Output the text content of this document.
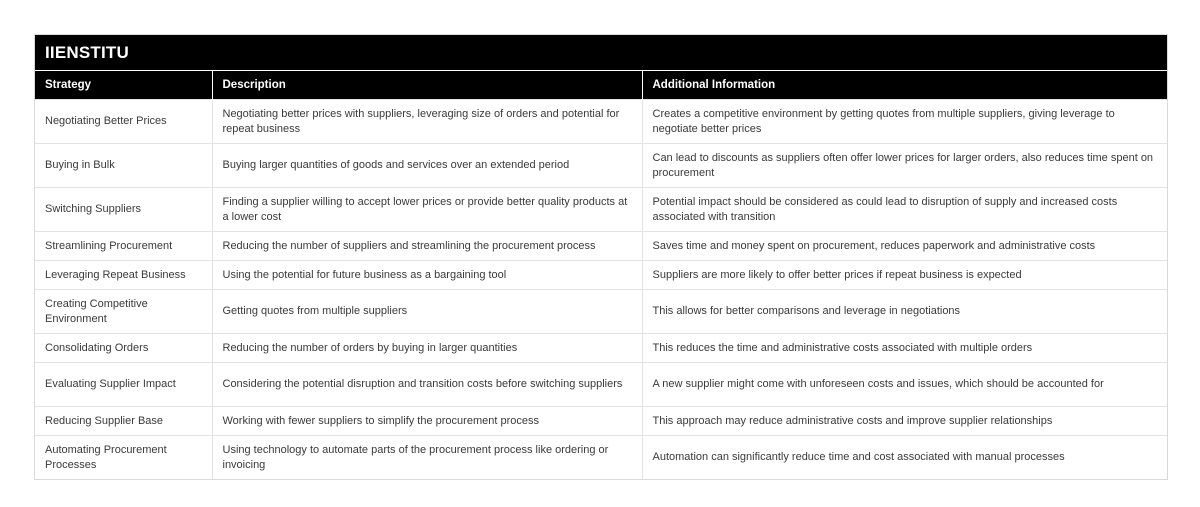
IIENSTITU
Strategy	Description	Additional Information
Negotiating Better Prices	Negotiating better prices with suppliers, leveraging size of orders and potential for repeat business	Creates a competitive environment by getting quotes from multiple suppliers, giving leverage to negotiate better prices
Buying in Bulk	Buying larger quantities of goods and services over an extended period	Can lead to discounts as suppliers often offer lower prices for larger orders, also reduces time spent on procurement
Switching Suppliers	Finding a supplier willing to accept lower prices or provide better quality products at a lower cost	Potential impact should be considered as could lead to disruption of supply and increased costs associated with transition
Streamlining Procurement	Reducing the number of suppliers and streamlining the procurement process	Saves time and money spent on procurement, reduces paperwork and administrative costs
Leveraging Repeat Business	Using the potential for future business as a bargaining tool	Suppliers are more likely to offer better prices if repeat business is expected
Creating Competitive Environment	Getting quotes from multiple suppliers	This allows for better comparisons and leverage in negotiations
Consolidating Orders	Reducing the number of orders by buying in larger quantities	This reduces the time and administrative costs associated with multiple orders
Evaluating Supplier Impact	Considering the potential disruption and transition costs before switching suppliers	A new supplier might come with unforeseen costs and issues, which should be accounted for
Reducing Supplier Base	Working with fewer suppliers to simplify the procurement process	This approach may reduce administrative costs and improve supplier relationships
Automating Procurement Processes	Using technology to automate parts of the procurement process like ordering or invoicing	Automation can significantly reduce time and cost associated with manual processes
